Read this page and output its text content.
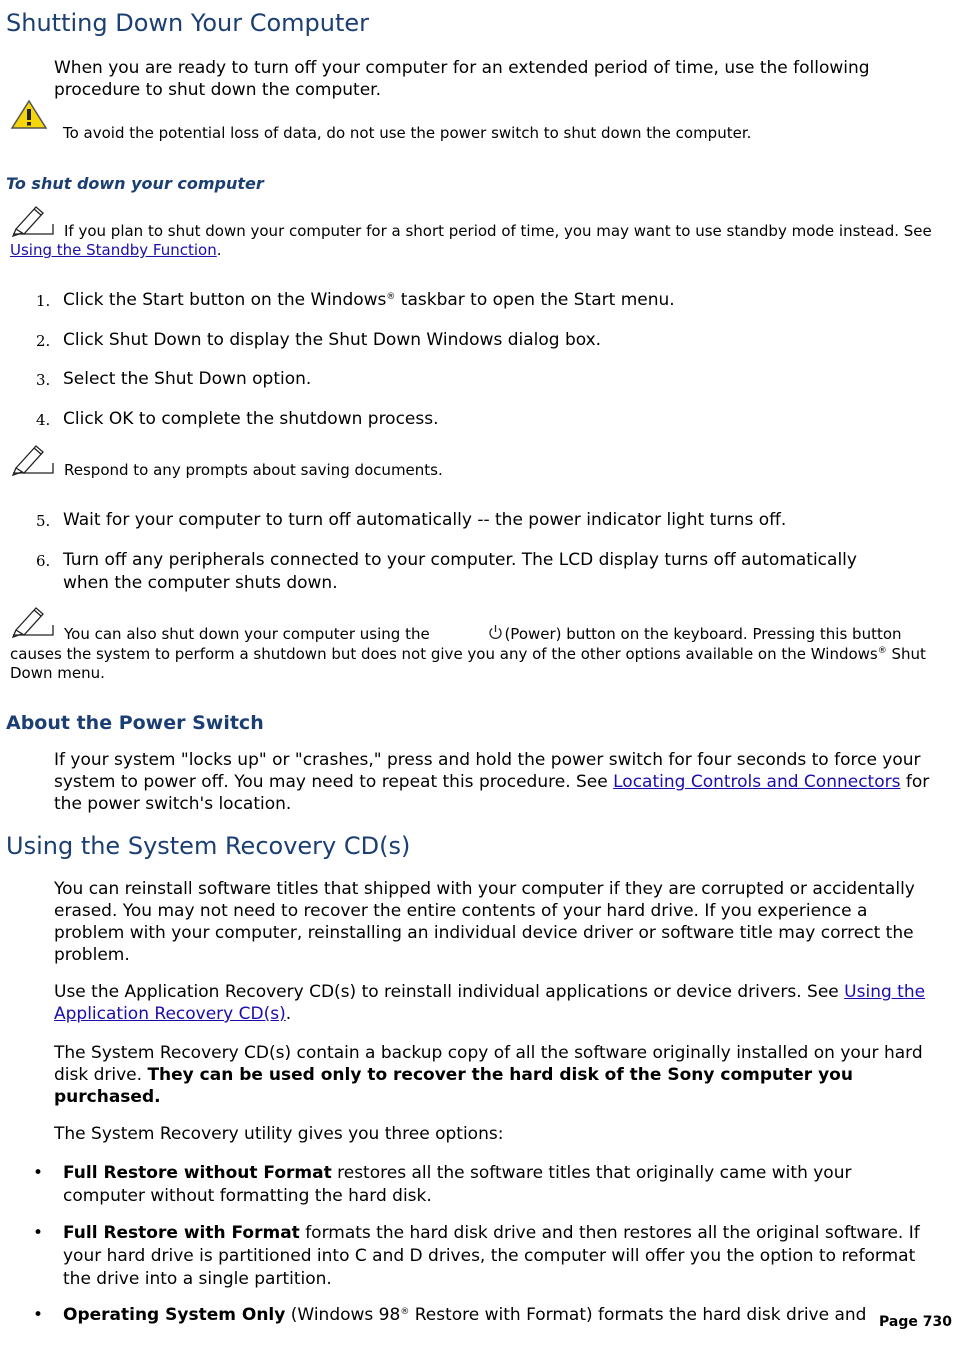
Shutting Down Your Computer

When you are ready to turn off your computer for an extended period of time, use the following procedure to shut down the computer.

To avoid the potential loss of data, do not use the power switch to shut down the computer.
To shut down your computer
If you plan to shut down your computer for a short period of time, you may want to use standby mode instead. See Using the Standby Function.
1. Click the Start button on the Windows® taskbar to open the Start menu.
2. Click Shut Down to display the Shut Down Windows dialog box.
3. Select the Shut Down option.
4. Click OK to complete the shutdown process.
Respond to any prompts about saving documents.
5. Wait for your computer to turn off automatically -- the power indicator light turns off.
6. Turn off any peripherals connected to your computer. The LCD display turns off automatically when the computer shuts down.
You can also shut down your computer using the	(Power) button on the keyboard. Pressing this button causes the system to perform a shutdown but does not give you any of the other options available on the Windows® Shut Down menu.
About the Power Switch

If your system "locks up" or "crashes," press and hold the power switch for four seconds to force your system to power off. You may need to repeat this procedure. See Locating Controls and Connectors for the power switch's location.

Using the System Recovery CD(s)

You can reinstall software titles that shipped with your computer if they are corrupted or accidentally erased. You may not need to recover the entire contents of your hard drive. If you experience a problem with your computer, reinstalling an individual device driver or software title may correct the problem.

Use the Application Recovery CD(s) to reinstall individual applications or device drivers. See Using the Application Recovery CD(s).

The System Recovery CD(s) contain a backup copy of all the software originally installed on your hard disk drive. They can be used only to recover the hard disk of the Sony computer you purchased.

The System Recovery utility gives you three options:

• Full Restore without Format restores all the software titles that originally came with your computer without formatting the hard disk.
• Full Restore with Format formats the hard disk drive and then restores all the original software. If your hard drive is partitioned into C and D drives, the computer will offer you the option to reformat the drive into a single partition.
• Operating System Only (Windows 98® Restore with Format) formats the hard disk drive and Page 730
